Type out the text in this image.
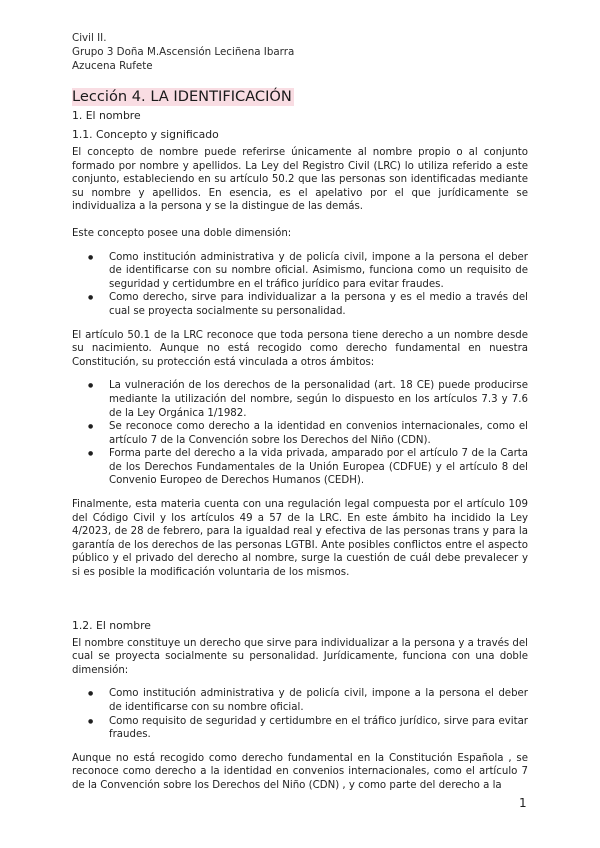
Civil II.
Grupo 3 Doña M.Ascensión Leciñena Ibarra
Azucena Rufete
Lección 4. LA IDENTIFICACIÓN
1. El nombre
1.1. Concepto y significado

El concepto de nombre puede referirse únicamente al nombre propio o al conjunto formado por nombre y apellidos. La Ley del Registro Civil (LRC) lo utiliza referido a este conjunto, estableciendo en su artículo 50.2 que las personas son identificadas mediante su nombre y apellidos. En esencia, es el apelativo por el que jurídicamente se individualiza a la persona y se la distingue de las demás.

Este concepto posee una doble dimensión:

● Como institución administrativa y de policía civil, impone a la persona el deber de identificarse con su nombre oficial. Asimismo, funciona como un requisito de seguridad y certidumbre en el tráfico jurídico para evitar fraudes.
● Como derecho, sirve para individualizar a la persona y es el medio a través del cual se proyecta socialmente su personalidad.

El artículo 50.1 de la LRC reconoce que toda persona tiene derecho a un nombre desde su nacimiento. Aunque no está recogido como derecho fundamental en nuestra Constitución, su protección está vinculada a otros ámbitos:

● La vulneración de los derechos de la personalidad (art. 18 CE) puede producirse mediante la utilización del nombre, según lo dispuesto en los artículos 7.3 y 7.6 de la Ley Orgánica 1/1982.
● Se reconoce como derecho a la identidad en convenios internacionales, como el artículo 7 de la Convención sobre los Derechos del Niño (CDN).
● Forma parte del derecho a la vida privada, amparado por el artículo 7 de la Carta de los Derechos Fundamentales de la Unión Europea (CDFUE) y el artículo 8 del Convenio Europeo de Derechos Humanos (CEDH).

Finalmente, esta materia cuenta con una regulación legal compuesta por el artículo 109 del Código Civil y los artículos 49 a 57 de la LRC. En este ámbito ha incidido la Ley 4/2023, de 28 de febrero, para la igualdad real y efectiva de las personas trans y para la garantía de los derechos de las personas LGTBI. Ante posibles conflictos entre el aspecto público y el privado del derecho al nombre, surge la cuestión de cuál debe prevalecer y si es posible la modificación voluntaria de los mismos.

1.2. El nombre

El nombre constituye un derecho que sirve para individualizar a la persona y a través del cual se proyecta socialmente su personalidad. Jurídicamente, funciona con una doble dimensión:

● Como institución administrativa y de policía civil, impone a la persona el deber de identificarse con su nombre oficial.
● Como requisito de seguridad y certidumbre en el tráfico jurídico, sirve para evitar fraudes.

Aunque no está recogido como derecho fundamental en la Constitución Española , se reconoce como derecho a la identidad en convenios internacionales, como el artículo 7 de la Convención sobre los Derechos del Niño (CDN) , y como parte del derecho a la

1
